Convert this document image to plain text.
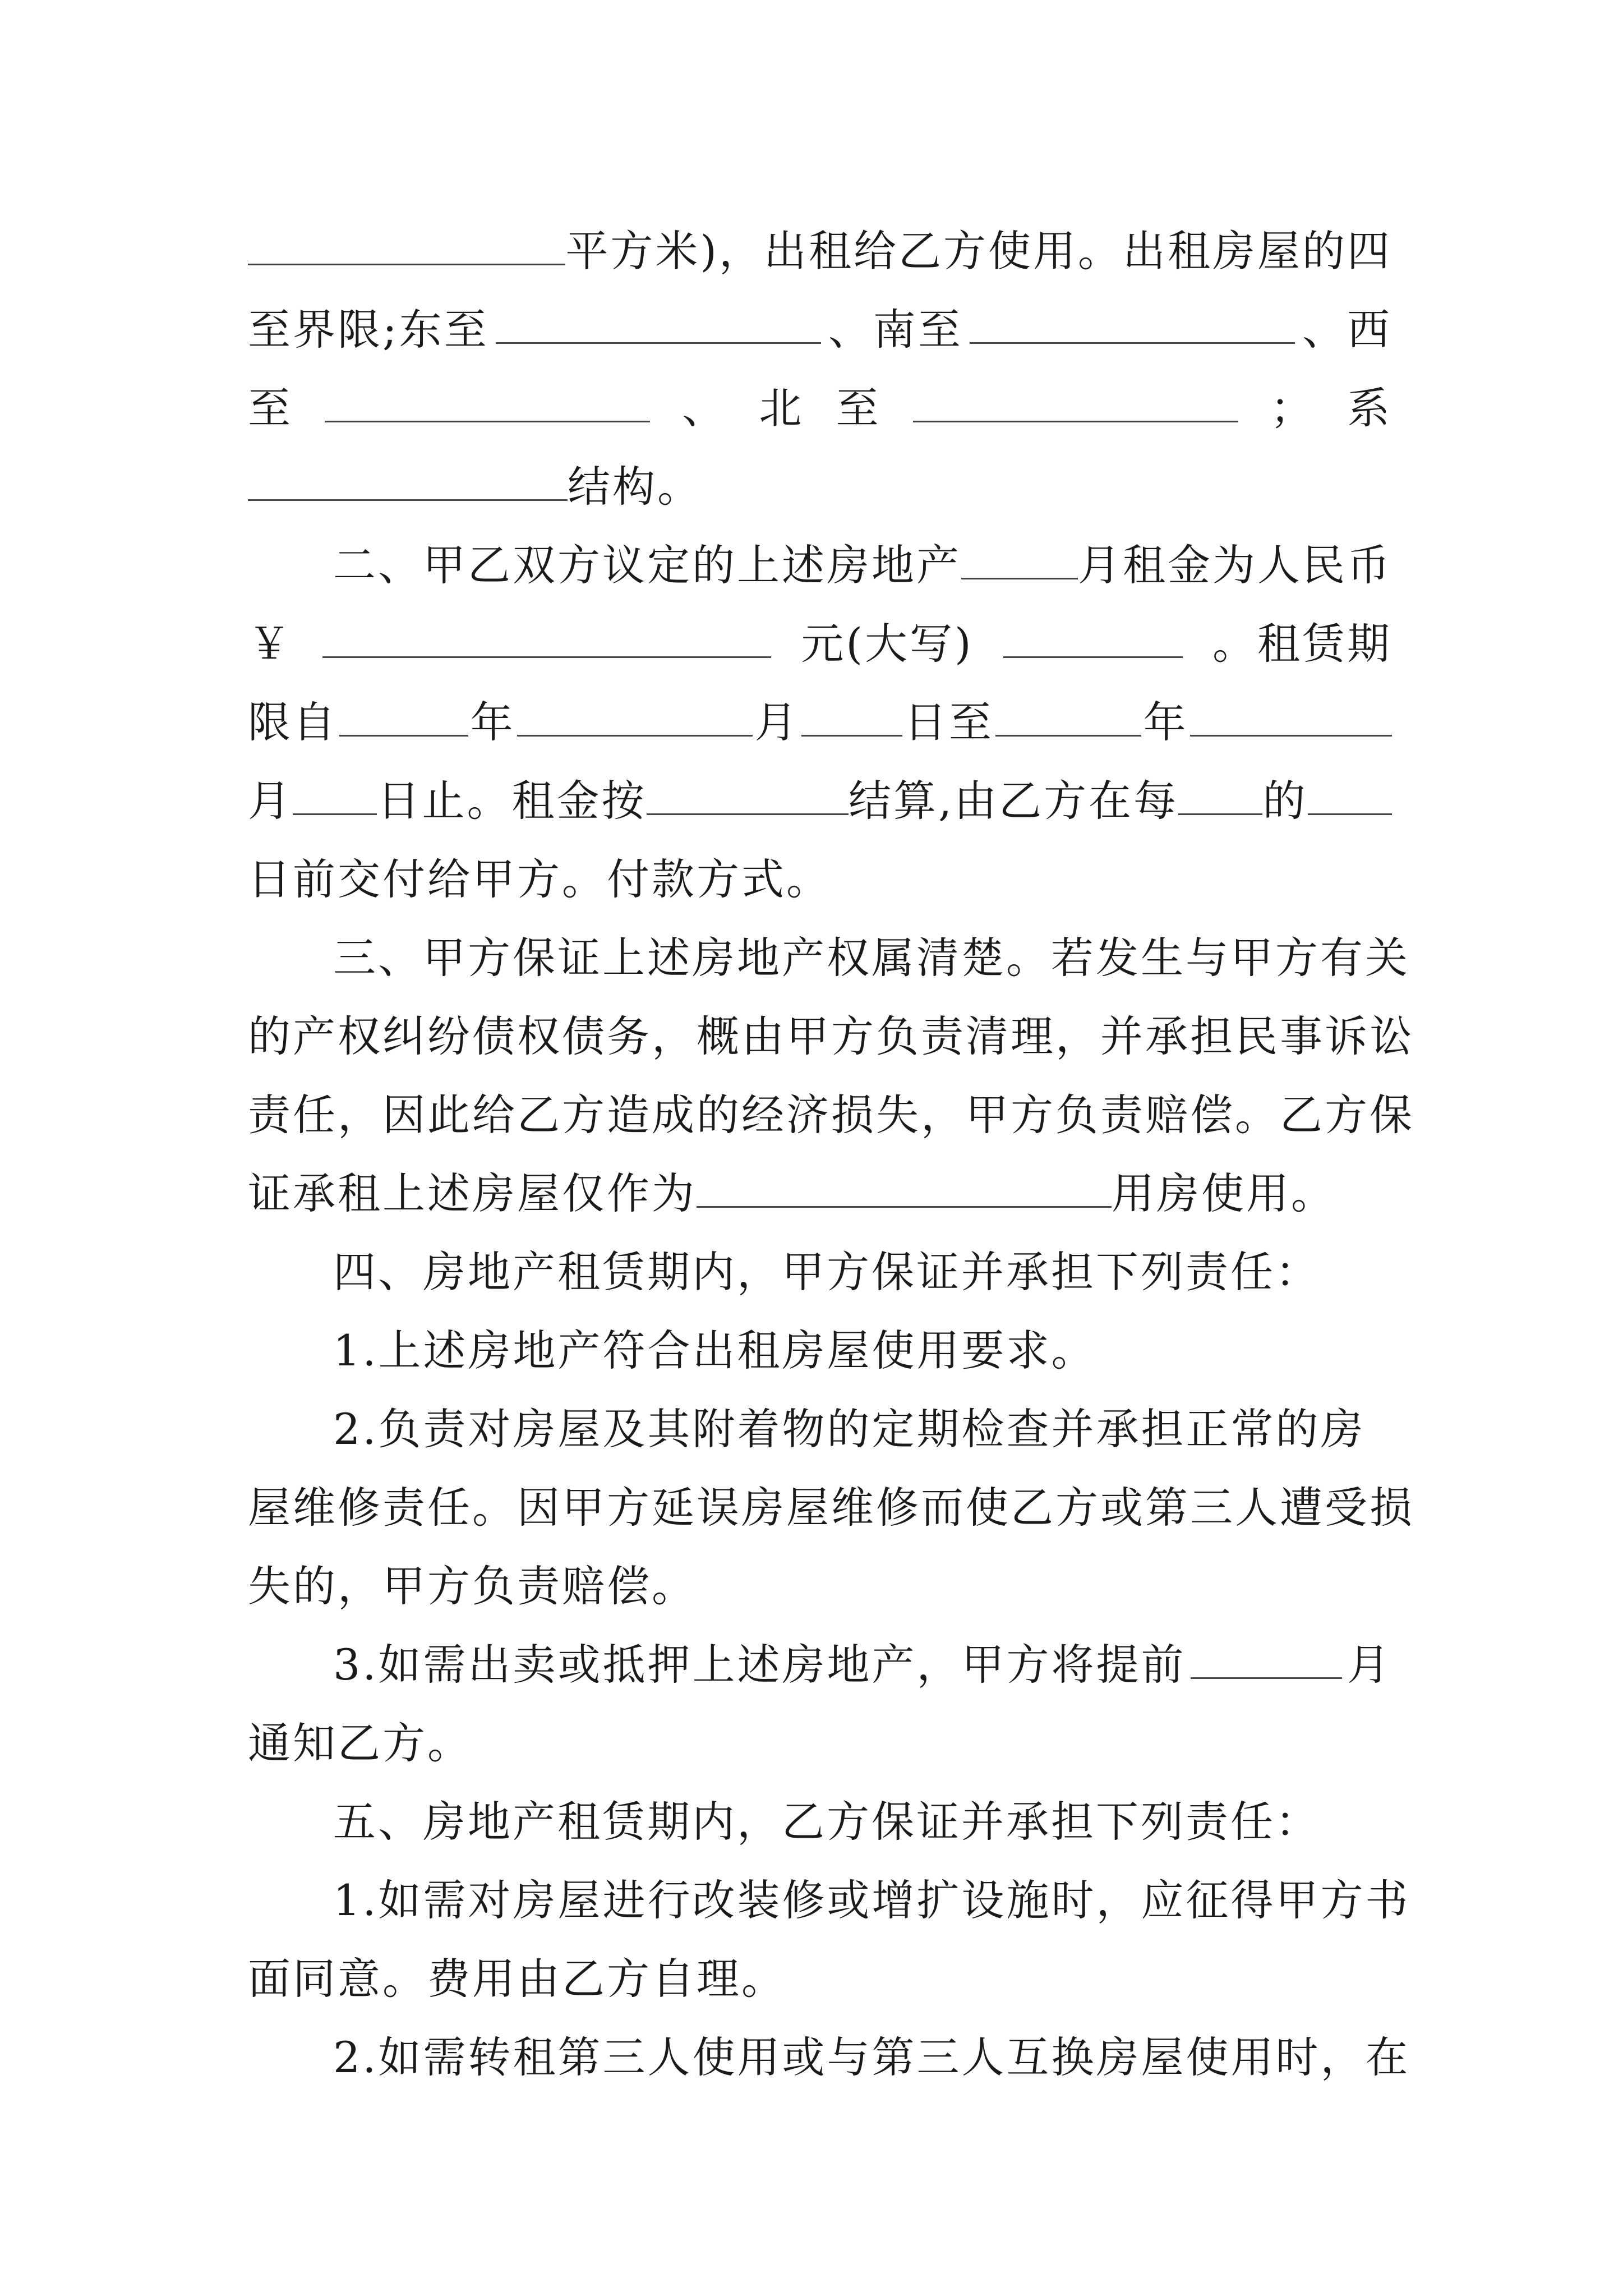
平方米)，出租给乙方使用。出租房屋的四
至界限;东至	、南至	、西
至	、 北 至	； 系
结构。
二、甲乙双方议定的上述房地产	月租金为人民币
￥	元(大写)	。租赁期
限自	年	月 日至	年
月 日止。租金按	结算,由乙方在每 的
日前交付给甲方。付款方式。
三、甲方保证上述房地产权属清楚。若发生与甲方有关
的产权纠纷债权债务，概由甲方负责清理，并承担民事诉讼
责任，因此给乙方造成的经济损失，甲方负责赔偿。乙方保
证承租上述房屋仅作为	用房使用。
四、房地产租赁期内，甲方保证并承担下列责任：
1.上述房地产符合出租房屋使用要求。
2.负责对房屋及其附着物的定期检查并承担正常的房
屋维修责任。因甲方延误房屋维修而使乙方或第三人遭受损
失的，甲方负责赔偿。
3.如需出卖或抵押上述房地产，甲方将提前	月
通知乙方。
五、房地产租赁期内，乙方保证并承担下列责任：
1.如需对房屋进行改装修或增扩设施时，应征得甲方书
面同意。费用由乙方自理。
2.如需转租第三人使用或与第三人互换房屋使用时，在
